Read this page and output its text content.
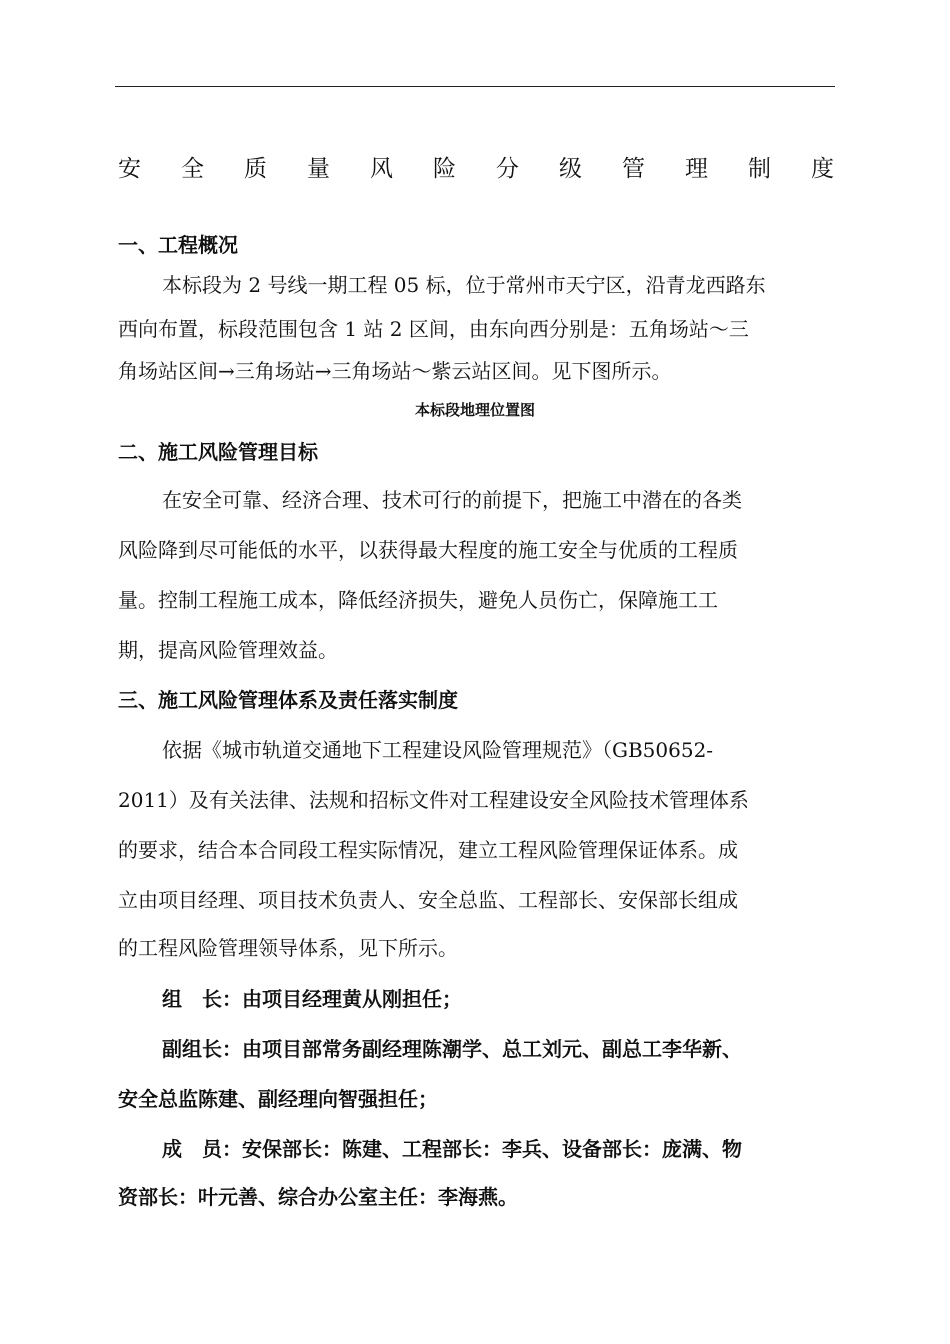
安 全 质 量 风 险 分 级 管 理 制 度
一、工程概况
本标段为 2 号线一期工程 05 标，位于常州市天宁区，沿青龙西路东
西向布置，标段范围包含 1 站 2 区间，由东向西分别是：五角场站～三
角场站区间→三角场站→三角场站～紫云站区间。见下图所示。
本标段地理位置图
二、施工风险管理目标
在安全可靠、经济合理、技术可行的前提下，把施工中潜在的各类
风险降到尽可能低的水平，以获得最大程度的施工安全与优质的工程质
量。控制工程施工成本，降低经济损失，避免人员伤亡，保障施工工
期，提高风险管理效益。
三、施工风险管理体系及责任落实制度
依据《城市轨道交通地下工程建设风险管理规范》（GB50652-
2011）及有关法律、法规和招标文件对工程建设安全风险技术管理体系
的要求，结合本合同段工程实际情况，建立工程风险管理保证体系。成
立由项目经理、项目技术负责人、安全总监、工程部长、安保部长组成
的工程风险管理领导体系，见下所示。
组　长：由项目经理黄从刚担任；
副组长：由项目部常务副经理陈潮学、总工刘元、副总工李华新、
安全总监陈建、副经理向智强担任；
成　员：安保部长：陈建、工程部长：李兵、设备部长：庞满、物
资部长：叶元善、综合办公室主任：李海燕。
